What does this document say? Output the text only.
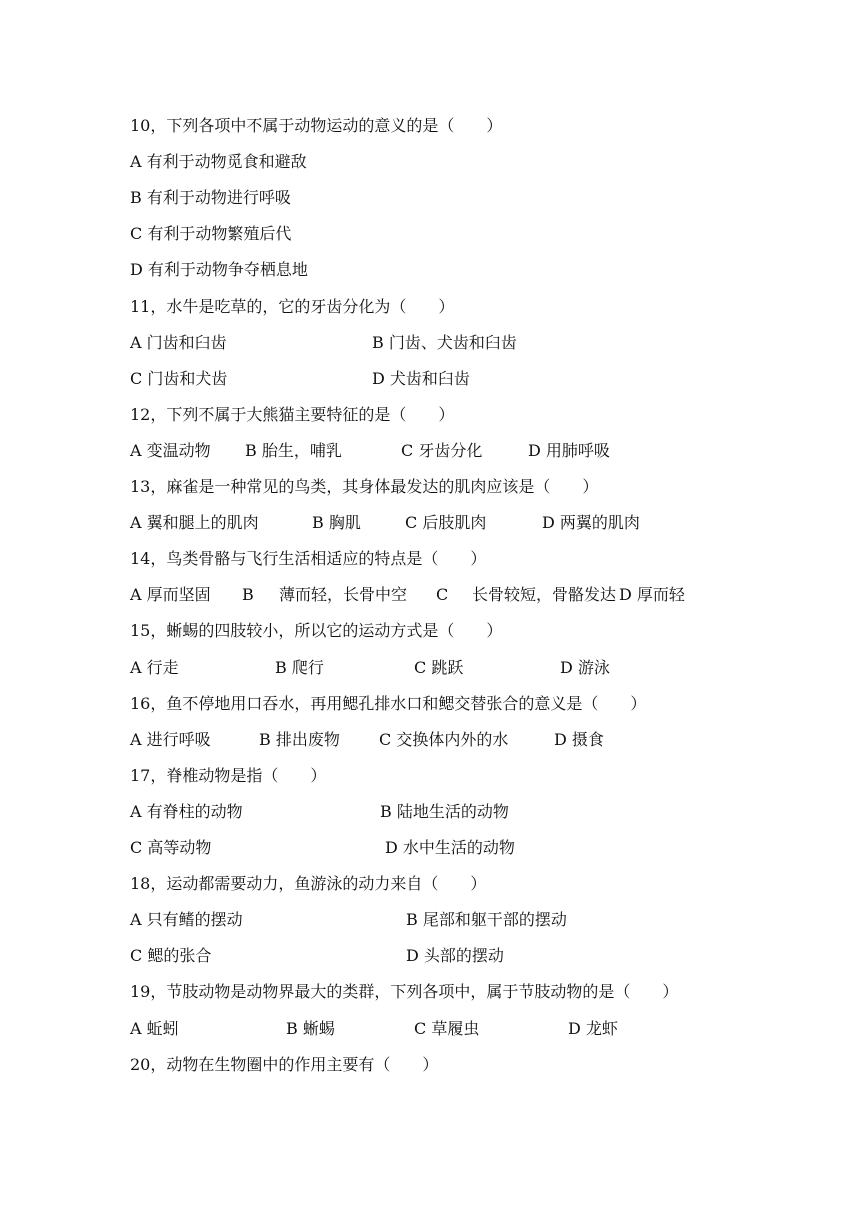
10，下列各项中不属于动物运动的意义的是（　　）
A 有利于动物觅食和避敌
B 有利于动物进行呼吸
C 有利于动物繁殖后代
D 有利于动物争夺栖息地
11，水牛是吃草的，它的牙齿分化为（　　）
A 门齿和臼齿	B 门齿、犬齿和臼齿
C 门齿和犬齿	D 犬齿和臼齿
12，下列不属于大熊猫主要特征的是（　　）
A 变温动物 B 胎生，哺乳	C 牙齿分化	D 用肺呼吸
13，麻雀是一种常见的鸟类，其身体最发达的肌肉应该是（　　）
A 翼和腿上的肌肉	B 胸肌	C 后肢肌肉	D 两翼的肌肉
14，鸟类骨骼与飞行生活相适应的特点是（　　）
A 厚而坚固 B 薄而轻，长骨中空 C 长骨较短，骨骼发达 D 厚而轻
15，蜥蜴的四肢较小，所以它的运动方式是（　　）
A 行走	B 爬行	C 跳跃	D 游泳
16，鱼不停地用口吞水，再用鳃孔排水口和鳃交替张合的意义是（　　）
A 进行呼吸	B 排出废物 C 交换体内外的水	D 摄食
17，脊椎动物是指（　　）
A 有脊柱的动物	B 陆地生活的动物
C 高等动物	D 水中生活的动物
18，运动都需要动力，鱼游泳的动力来自（　　）
A 只有鳍的摆动	B 尾部和躯干部的摆动
C 鳃的张合	D 头部的摆动
19，节肢动物是动物界最大的类群，下列各项中，属于节肢动物的是（　　）
A 蚯蚓	B 蜥蜴	C 草履虫	D 龙虾
20，动物在生物圈中的作用主要有（　　）
